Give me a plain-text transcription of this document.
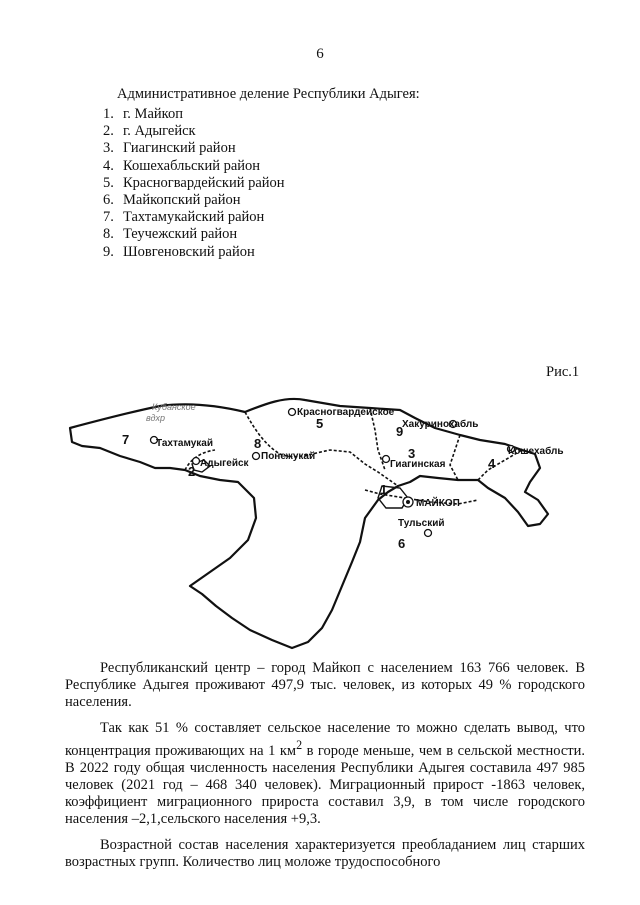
6
Административное деление Республики Адыгея:
1. г. Майкоп
2. г. Адыгейск
3. Гиагинский район
4. Кошехабльский район
5. Красногвардейский район
6. Майкопский район
7. Тахтамукайский район
8. Теучежский район
9. Шовгеновский район
Рис.1
Кубанское
вдхр	Красногвардейское
Хакуринохабль
Кошехабль
Тахтамукай
Понежукай
Адыгейск	Гиагинская
МАЙКОП
Тульский
1
2
3
4
5
6
7	8
9

Республиканский центр – город Майкоп с населением 163 766 человек. В Республике Адыгея проживают 497,9 тыс. человек, из которых 49 % городского населения.

Так как 51 % составляет сельское население то можно сделать вывод, что концентрация проживающих на 1 $км^2$ в городе меньше, чем в сельской местности. В 2022 году общая численность населения Республики Адыгея составила 497 985 человек (2021 год – 468 340 человек). Миграционный прирост -1863 человек, коэффициент миграционного прироста составил 3,9, в том числе городского населения –2,1,сельского населения +9,3.

Возрастной состав населения характеризуется преобладанием лиц старших возрастных групп. Количество лиц моложе трудоспособного
